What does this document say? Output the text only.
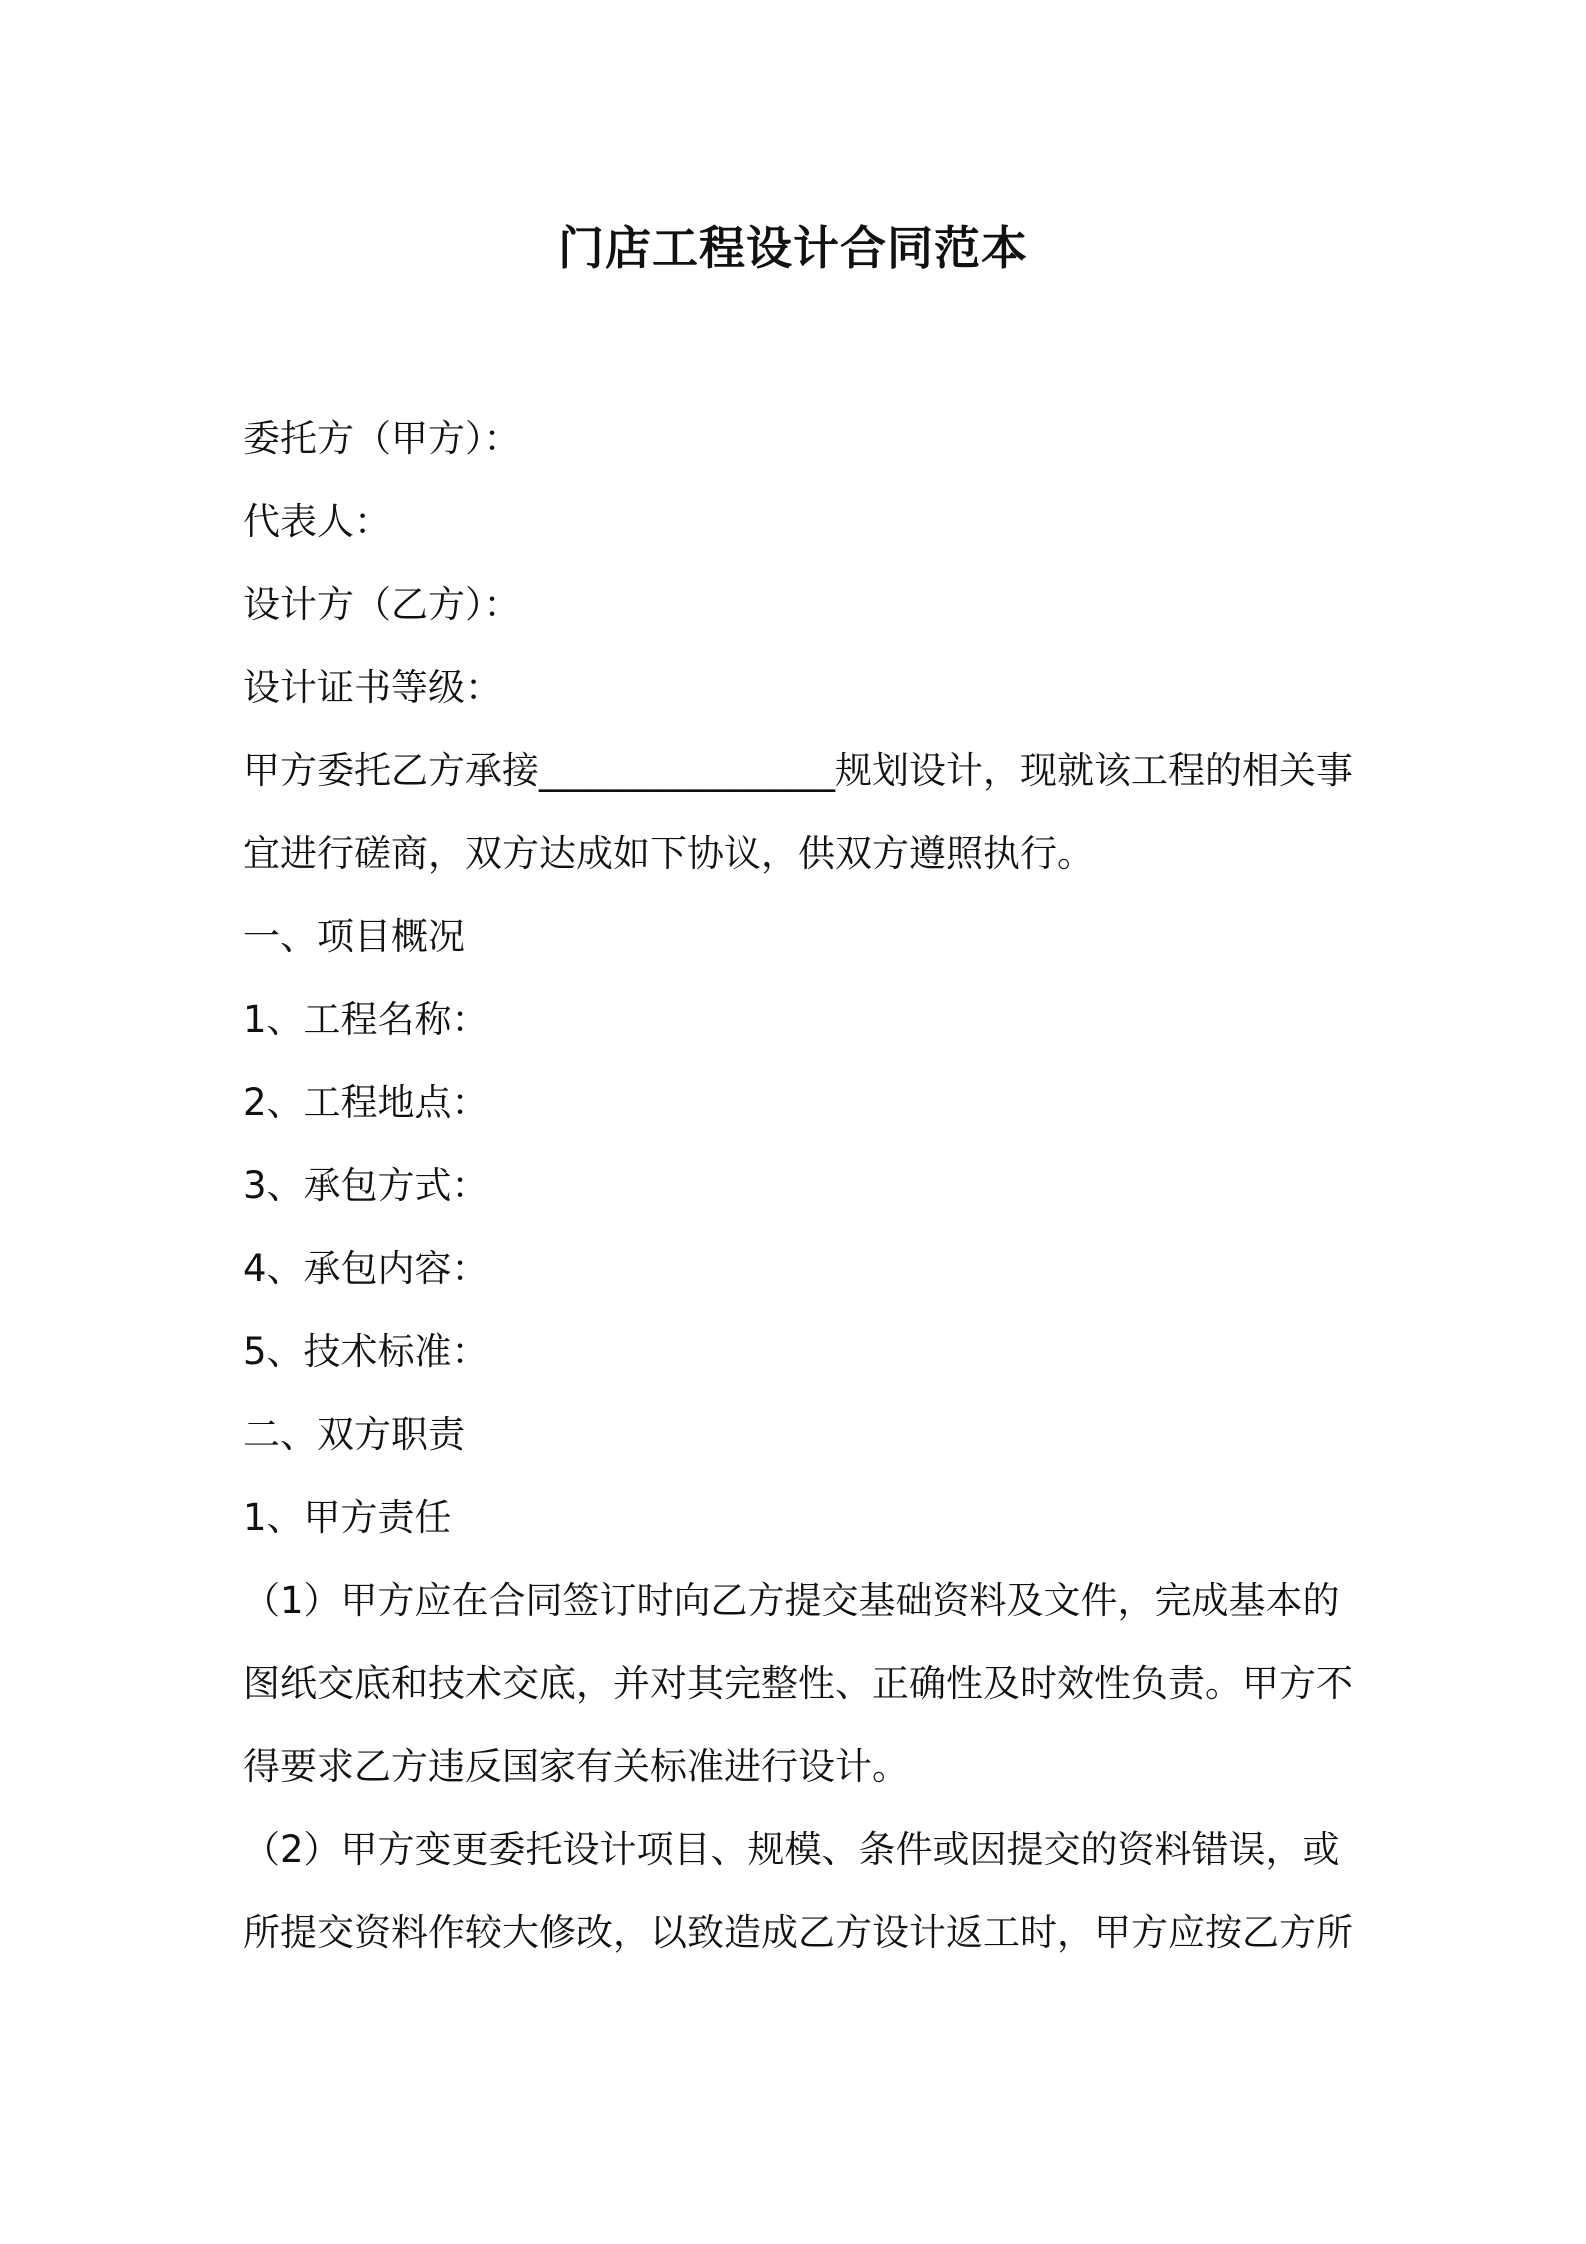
门店工程设计合同范本

委托方（甲方）：

代表人：

设计方（乙方）：

设计证书等级：

甲方委托乙方承接________________规划设计，现就该工程的相关事宜进行磋商，双方达成如下协议，供双方遵照执行。

一、项目概况

1、工程名称：

2、工程地点：

3、承包方式：

4、承包内容：

5、技术标准：

二、双方职责

1、甲方责任

（1）甲方应在合同签订时向乙方提交基础资料及文件，完成基本的图纸交底和技术交底，并对其完整性、正确性及时效性负责。甲方不得要求乙方违反国家有关标准进行设计。

（2）甲方变更委托设计项目、规模、条件或因提交的资料错误，或所提交资料作较大修改，以致造成乙方设计返工时，甲方应按乙方所
